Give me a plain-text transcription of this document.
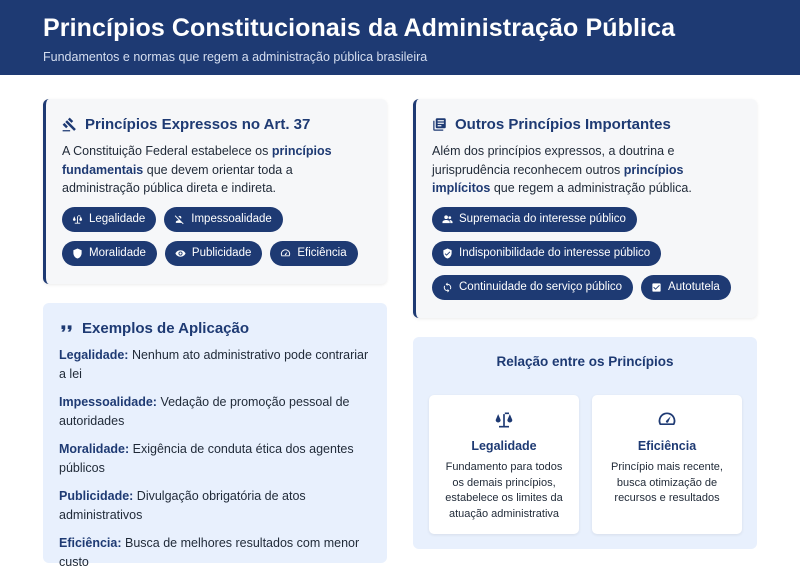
Princípios Constitucionais da Administração Pública

Fundamentos e normas que regem a administração pública brasileira

Princípios Expressos no Art. 37
A Constituição Federal estabelece os princípios fundamentais que devem orientar toda a administração pública direta e indireta.
Legalidade	Impessoalidade
Moralidade	Publicidade	Eficiência
Outros Princípios Importantes
Além dos princípios expressos, a doutrina e jurisprudência reconhecem outros princípios implícitos que regem a administração pública.
Supremacia do interesse público
Indisponibilidade do interesse público
Continuidade do serviço público	Autotutela
Exemplos de Aplicação
Legalidade: Nenhum ato administrativo pode contrariar a lei
Impessoalidade: Vedação de promoção pessoal de autoridades
Moralidade: Exigência de conduta ética dos agentes públicos
Publicidade: Divulgação obrigatória de atos administrativos
Eficiência: Busca de melhores resultados com menor custo
Relação entre os Princípios
Legalidade
Fundamento para todos os demais princípios, estabelece os limites da atuação administrativa
Eficiência
Princípio mais recente, busca otimização de recursos e resultados
